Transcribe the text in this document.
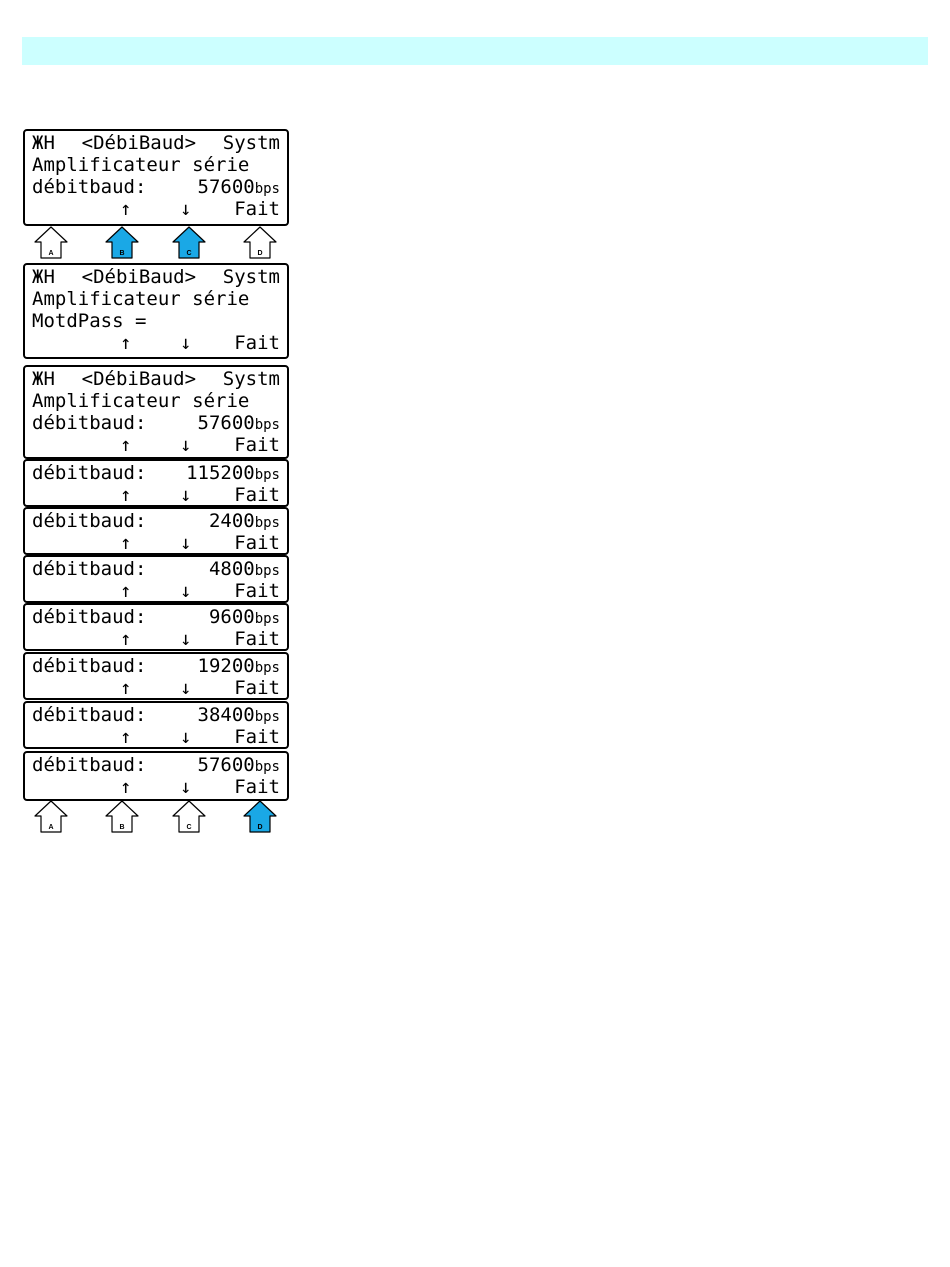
ЖH <DébiBaud> Systm
Amplificateur série
débitbaud:	57600bps
↑	↓ Fait
A	B	C	D
ЖH <DébiBaud> Systm
Amplificateur série
MotdPass =
↑	↓ Fait
ЖH <DébiBaud> Systm
Amplificateur série
débitbaud:	57600bps
↑	↓ Fait
débitbaud: 115200bps
↑	↓ Fait
débitbaud:	2400bps
↑	↓ Fait
débitbaud:	4800bps
↑	↓ Fait
débitbaud:	9600bps
↑	↓ Fait
débitbaud:	19200bps
↑	↓ Fait
débitbaud:	38400bps
↑	↓ Fait
débitbaud:	57600bps
↑	↓ Fait
A	B	C	D
